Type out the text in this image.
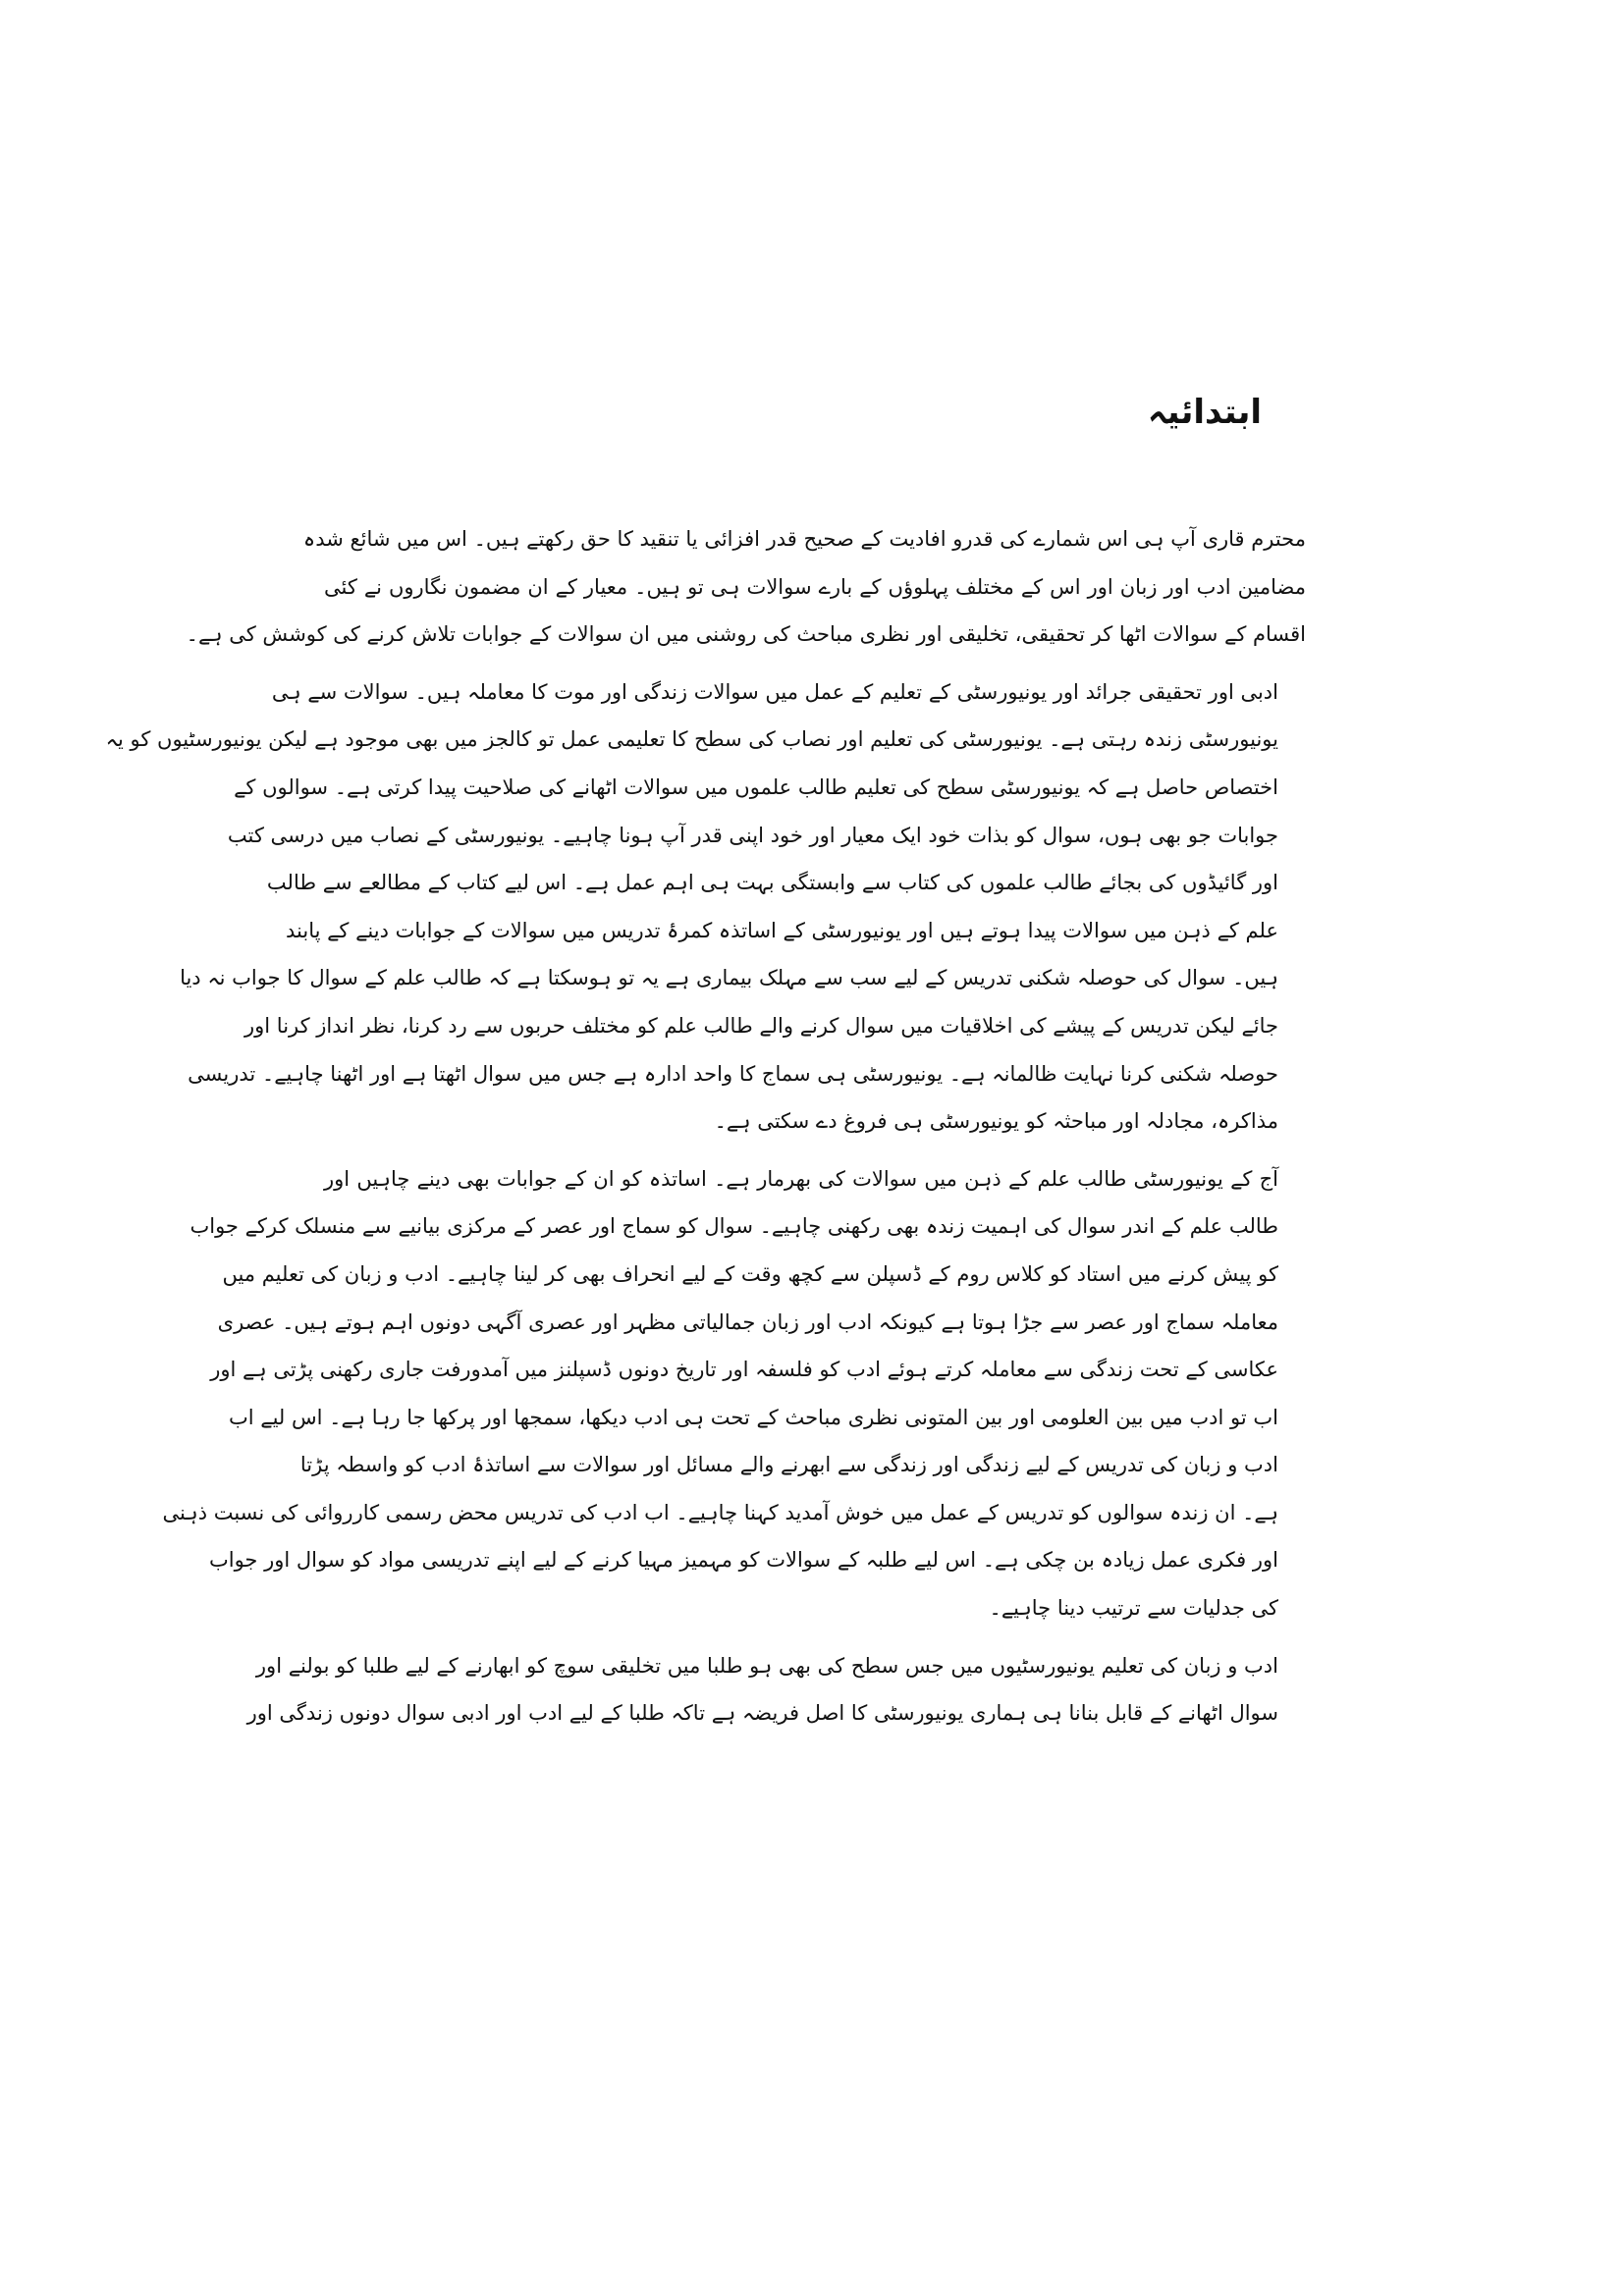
ابتدائیہ
محترم قاری آپ ہی اس شمارے کی قدرو افادیت کے صحیح قدر افزائی یا تنقید کا حق رکھتے ہیں۔ اس میں شائع شدہ
مضامین ادب اور زبان اور اس کے مختلف پہلوؤں کے بارے سوالات ہی تو ہیں۔ معیار کے ان مضمون نگاروں نے کئی
اقسام کے سوالات اٹھا کر تحقیقی، تخلیقی اور نظری مباحث کی روشنی میں ان سوالات کے جوابات تلاش کرنے کی کوشش کی ہے۔
ادبی اور تحقیقی جرائد اور یونیورسٹی کے تعلیم کے عمل میں سوالات زندگی اور موت کا معاملہ ہیں۔ سوالات سے ہی
یونیورسٹی زندہ رہتی ہے۔ یونیورسٹی کی تعلیم اور نصاب کی سطح کا تعلیمی عمل تو کالجز میں بھی موجود ہے لیکن یونیورسٹیوں کو یہ
اختصاص حاصل ہے کہ یونیورسٹی سطح کی تعلیم طالب علموں میں سوالات اٹھانے کی صلاحیت پیدا کرتی ہے۔ سوالوں کے
جوابات جو بھی ہوں، سوال کو بذات خود ایک معیار اور خود اپنی قدر آپ ہونا چاہیے۔ یونیورسٹی کے نصاب میں درسی کتب
اور گائیڈوں کی بجائے طالب علموں کی کتاب سے وابستگی بہت ہی اہم عمل ہے۔ اس لیے کتاب کے مطالعے سے طالب
علم کے ذہن میں سوالات پیدا ہوتے ہیں اور یونیورسٹی کے اساتذہ کمرۂ تدریس میں سوالات کے جوابات دینے کے پابند
ہیں۔ سوال کی حوصلہ شکنی تدریس کے لیے سب سے مہلک بیماری ہے یہ تو ہوسکتا ہے کہ طالب علم کے سوال کا جواب نہ دیا
جائے لیکن تدریس کے پیشے کی اخلاقیات میں سوال کرنے والے طالب علم کو مختلف حربوں سے رد کرنا، نظر انداز کرنا اور
حوصلہ شکنی کرنا نہایت ظالمانہ ہے۔ یونیورسٹی ہی سماج کا واحد ادارہ ہے جس میں سوال اٹھتا ہے اور اٹھنا چاہیے۔ تدریسی
مذاکرہ، مجادلہ اور مباحثہ کو یونیورسٹی ہی فروغ دے سکتی ہے۔
آج کے یونیورسٹی طالب علم کے ذہن میں سوالات کی بھرمار ہے۔ اساتذہ کو ان کے جوابات بھی دینے چاہیں اور
طالب علم کے اندر سوال کی اہمیت زندہ بھی رکھنی چاہیے۔ سوال کو سماج اور عصر کے مرکزی بیانیے سے منسلک کرکے جواب
کو پیش کرنے میں استاد کو کلاس روم کے ڈسپلن سے کچھ وقت کے لیے انحراف بھی کر لینا چاہیے۔ ادب و زبان کی تعلیم میں
معاملہ سماج اور عصر سے جڑا ہوتا ہے کیونکہ ادب اور زبان جمالیاتی مظہر اور عصری آگہی دونوں اہم ہوتے ہیں۔ عصری
عکاسی کے تحت زندگی سے معاملہ کرتے ہوئے ادب کو فلسفہ اور تاریخ دونوں ڈسپلنز میں آمدورفت جاری رکھنی پڑتی ہے اور
اب تو ادب میں بین العلومی اور بین المتونی نظری مباحث کے تحت ہی ادب دیکھا، سمجھا اور پرکھا جا رہا ہے۔ اس لیے اب
ادب و زبان کی تدریس کے لیے زندگی اور زندگی سے ابھرنے والے مسائل اور سوالات سے اساتذۂ ادب کو واسطہ پڑتا
ہے۔ ان زندہ سوالوں کو تدریس کے عمل میں خوش آمدید کہنا چاہیے۔ اب ادب کی تدریس محض رسمی کارروائی کی نسبت ذہنی
اور فکری عمل زیادہ بن چکی ہے۔ اس لیے طلبہ کے سوالات کو مہمیز مہیا کرنے کے لیے اپنے تدریسی مواد کو سوال اور جواب
کی جدلیات سے ترتیب دینا چاہیے۔
ادب و زبان کی تعلیم یونیورسٹیوں میں جس سطح کی بھی ہو طلبا میں تخلیقی سوچ کو ابھارنے کے لیے طلبا کو بولنے اور
سوال اٹھانے کے قابل بنانا ہی ہماری یونیورسٹی کا اصل فریضہ ہے تاکہ طلبا کے لیے ادب اور ادبی سوال دونوں زندگی اور
